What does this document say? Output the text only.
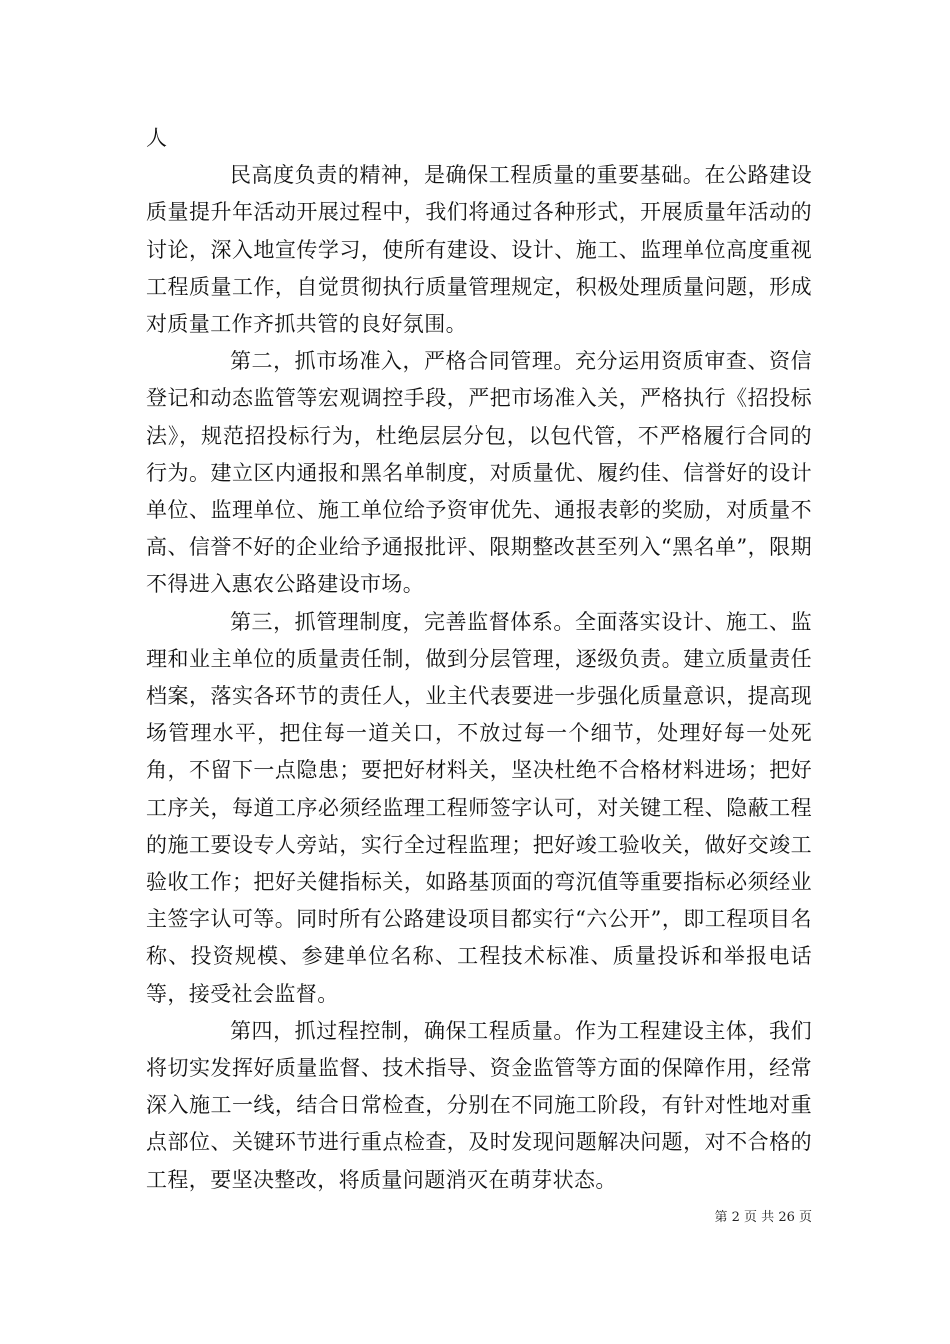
人

民高度负责的精神，是确保工程质量的重要基础。在公路建设质量提升年活动开展过程中，我们将通过各种形式，开展质量年活动的讨论，深入地宣传学习，使所有建设、设计、施工、监理单位高度重视工程质量工作，自觉贯彻执行质量管理规定，积极处理质量问题，形成对质量工作齐抓共管的良好氛围。

第二，抓市场准入，严格合同管理。充分运用资质审查、资信登记和动态监管等宏观调控手段，严把市场准入关，严格执行《招投标法》，规范招投标行为，杜绝层层分包，以包代管，不严格履行合同的行为。建立区内通报和黑名单制度，对质量优、履约佳、信誉好的设计单位、监理单位、施工单位给予资审优先、通报表彰的奖励，对质量不高、信誉不好的企业给予通报批评、限期整改甚至列入“黑名单”，限期不得进入惠农公路建设市场。

第三，抓管理制度，完善监督体系。全面落实设计、施工、监理和业主单位的质量责任制，做到分层管理，逐级负责。建立质量责任档案，落实各环节的责任人，业主代表要进一步强化质量意识，提高现场管理水平，把住每一道关口，不放过每一个细节，处理好每一处死角，不留下一点隐患；要把好材料关，坚决杜绝不合格材料进场；把好工序关，每道工序必须经监理工程师签字认可，对关键工程、隐蔽工程的施工要设专人旁站，实行全过程监理；把好竣工验收关，做好交竣工验收工作；把好关健指标关，如路基顶面的弯沉值等重要指标必须经业主签字认可等。同时所有公路建设项目都实行“六公开”，即工程项目名称、投资规模、参建单位名称、工程技术标准、质量投诉和举报电话等，接受社会监督。

第四，抓过程控制，确保工程质量。作为工程建设主体，我们将切实发挥好质量监督、技术指导、资金监管等方面的保障作用，经常深入施工一线，结合日常检查，分别在不同施工阶段，有针对性地对重点部位、关键环节进行重点检查，及时发现问题解决问题，对不合格的工程，要坚决整改，将质量问题消灭在萌芽状态。

第 2 页 共 26 页
